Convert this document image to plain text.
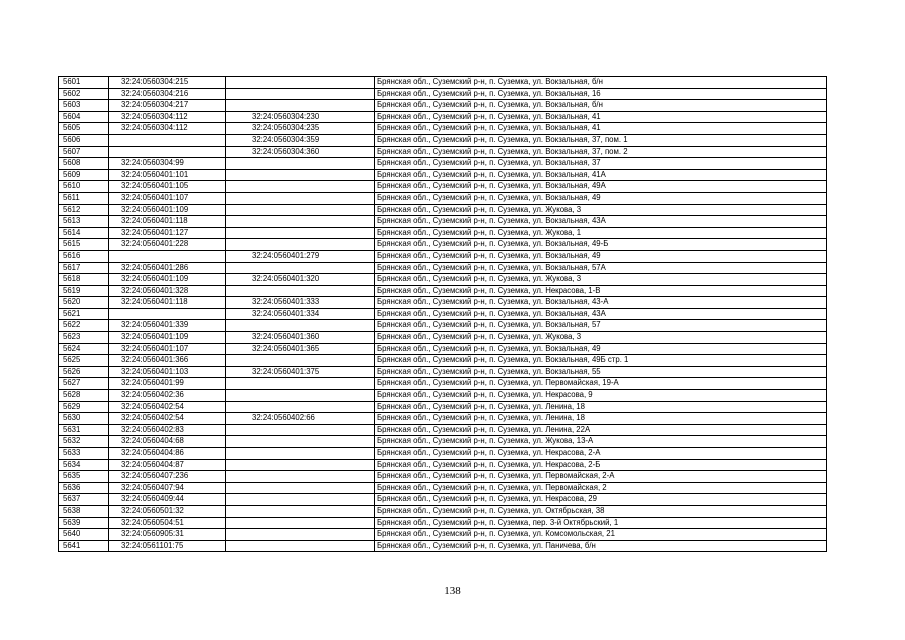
5601	32:24:0560304:215		Брянская обл., Суземский р-н, п. Суземка, ул. Вокзальная, б/н
5602	32:24:0560304:216		Брянская обл., Суземский р-н, п. Суземка, ул. Вокзальная, 16
5603	32:24:0560304:217		Брянская обл., Суземский р-н, п. Суземка, ул. Вокзальная, б/н
5604	32:24:0560304:112	32:24:0560304:230	Брянская обл., Суземский р-н, п. Суземка, ул. Вокзальная, 41
5605	32:24:0560304:112	32:24:0560304:235	Брянская обл., Суземский р-н, п. Суземка, ул. Вокзальная, 41
5606		32:24:0560304:359	Брянская обл., Суземский р-н, п. Суземка, ул. Вокзальная, 37, пом. 1
5607		32:24:0560304:360	Брянская обл., Суземский р-н, п. Суземка, ул. Вокзальная, 37, пом. 2
5608	32:24:0560304:99		Брянская обл., Суземский р-н, п. Суземка, ул. Вокзальная, 37
5609	32:24:0560401:101		Брянская обл., Суземский р-н, п. Суземка, ул. Вокзальная, 41А
5610	32:24:0560401:105		Брянская обл., Суземский р-н, п. Суземка, ул. Вокзальная, 49А
5611	32:24:0560401:107		Брянская обл., Суземский р-н, п. Суземка, ул. Вокзальная, 49
5612	32:24:0560401:109		Брянская обл., Суземский р-н, п. Суземка, ул. Жукова, 3
5613	32:24:0560401:118		Брянская обл., Суземский р-н, п. Суземка, ул. Вокзальная, 43А
5614	32:24:0560401:127		Брянская обл., Суземский р-н, п. Суземка, ул. Жукова, 1
5615	32:24:0560401:228		Брянская обл., Суземский р-н, п. Суземка, ул. Вокзальная, 49-Б
5616		32:24:0560401:279	Брянская обл., Суземский р-н, п. Суземка, ул. Вокзальная, 49
5617	32:24:0560401:286		Брянская обл., Суземский р-н, п. Суземка, ул. Вокзальная, 57А
5618	32:24:0560401:109	32:24:0560401:320	Брянская обл., Суземский р-н, п. Суземка, ул. Жукова, 3
5619	32:24:0560401:328		Брянская обл., Суземский р-н, п. Суземка, ул. Некрасова, 1-В
5620	32:24:0560401:118	32:24:0560401:333	Брянская обл., Суземский р-н, п. Суземка, ул. Вокзальная, 43-А
5621		32:24:0560401:334	Брянская обл., Суземский р-н, п. Суземка, ул. Вокзальная, 43А
5622	32:24:0560401:339		Брянская обл., Суземский р-н, п. Суземка, ул. Вокзальная, 57
5623	32:24:0560401:109	32:24:0560401:360	Брянская обл., Суземский р-н, п. Суземка, ул. Жукова, 3
5624	32:24:0560401:107	32:24:0560401:365	Брянская обл., Суземский р-н, п. Суземка, ул. Вокзальная, 49
5625	32:24:0560401:366		Брянская обл., Суземский р-н, п. Суземка, ул. Вокзальная, 49Б стр. 1
5626	32:24:0560401:103	32:24:0560401:375	Брянская обл., Суземский р-н, п. Суземка, ул. Вокзальная, 55
5627	32:24:0560401:99		Брянская обл., Суземский р-н, п. Суземка, ул. Первомайская, 19-А
5628	32:24:0560402:36		Брянская обл., Суземский р-н, п. Суземка, ул. Некрасова, 9
5629	32:24:0560402:54		Брянская обл., Суземский р-н, п. Суземка, ул. Ленина, 18
5630	32:24:0560402:54	32:24:0560402:66	Брянская обл., Суземский р-н, п. Суземка, ул. Ленина, 18
5631	32:24:0560402:83		Брянская обл., Суземский р-н, п. Суземка, ул. Ленина, 22А
5632	32:24:0560404:68		Брянская обл., Суземский р-н, п. Суземка, ул. Жукова, 13-А
5633	32:24:0560404:86		Брянская обл., Суземский р-н, п. Суземка, ул. Некрасова, 2-А
5634	32:24:0560404:87		Брянская обл., Суземский р-н, п. Суземка, ул. Некрасова, 2-Б
5635	32:24:0560407:236		Брянская обл., Суземский р-н, п. Суземка, ул. Первомайская, 2-А
5636	32:24:0560407:94		Брянская обл., Суземский р-н, п. Суземка, ул. Первомайская, 2
5637	32:24:0560409:44		Брянская обл., Суземский р-н, п. Суземка, ул. Некрасова, 29
5638	32:24:0560501:32		Брянская обл., Суземский р-н, п. Суземка, ул. Октябрьская, 38
5639	32:24:0560504:51		Брянская обл., Суземский р-н, п. Суземка, пер. 3-й Октябрьский, 1
5640	32:24:0560905:31		Брянская обл., Суземский р-н, п. Суземка, ул. Комсомольская, 21
5641	32:24:0561101:75		Брянская обл., Суземский р-н, п. Суземка, ул. Паничева, б/н
138
